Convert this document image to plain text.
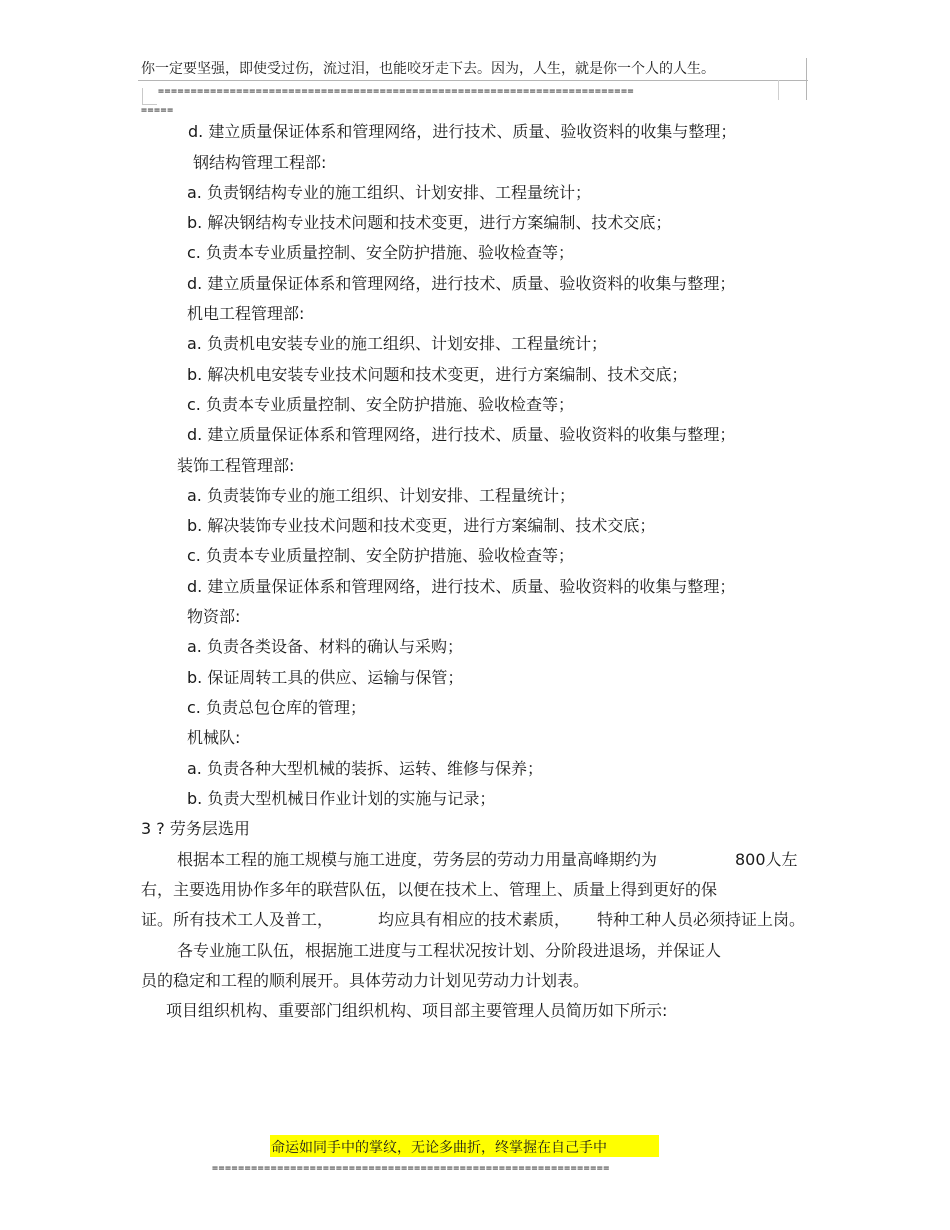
你一定要坚强，即使受过伤，流过泪，也能咬牙走下去。因为，人生，就是你一个人的人生。
=========================================================================
=====
d. 建立质量保证体系和管理网络，进行技术、质量、验收资料的收集与整理；
钢结构管理工程部:
a. 负责钢结构专业的施工组织、计划安排、工程量统计；
b. 解决钢结构专业技术问题和技术变更，进行方案编制、技术交底；
c. 负责本专业质量控制、安全防护措施、验收检查等；
d. 建立质量保证体系和管理网络，进行技术、质量、验收资料的收集与整理；
机电工程管理部:
a. 负责机电安装专业的施工组织、计划安排、工程量统计；
b. 解决机电安装专业技术问题和技术变更，进行方案编制、技术交底；
c. 负责本专业质量控制、安全防护措施、验收检查等；
d. 建立质量保证体系和管理网络，进行技术、质量、验收资料的收集与整理；
装饰工程管理部:
a. 负责装饰专业的施工组织、计划安排、工程量统计；
b. 解决装饰专业技术问题和技术变更，进行方案编制、技术交底；
c. 负责本专业质量控制、安全防护措施、验收检查等；
d. 建立质量保证体系和管理网络，进行技术、质量、验收资料的收集与整理；
物资部:
a. 负责各类设备、材料的确认与采购；
b. 保证周转工具的供应、运输与保管；
c. 负责总包仓库的管理；
机械队:
a. 负责各种大型机械的装拆、运转、维修与保养；
b. 负责大型机械日作业计划的实施与记录；
3 ? 劳务层选用
根据本工程的施工规模与施工进度，劳务层的劳动力用量高峰期约为	800人左
右，主要选用协作多年的联营队伍，以便在技术上、管理上、质量上得到更好的保
证。所有技术工人及普工，	均应具有相应的技术素质， 特种工种人员必须持证上岗。
各专业施工队伍，根据施工进度与工程状况按计划、分阶段进退场，并保证人
员的稳定和工程的顺利展开。具体劳动力计划见劳动力计划表。
项目组织机构、重要部门组织机构、项目部主要管理人员简历如下所示:
命运如同手中的掌纹，无论多曲折，终掌握在自己手中
=============================================================
